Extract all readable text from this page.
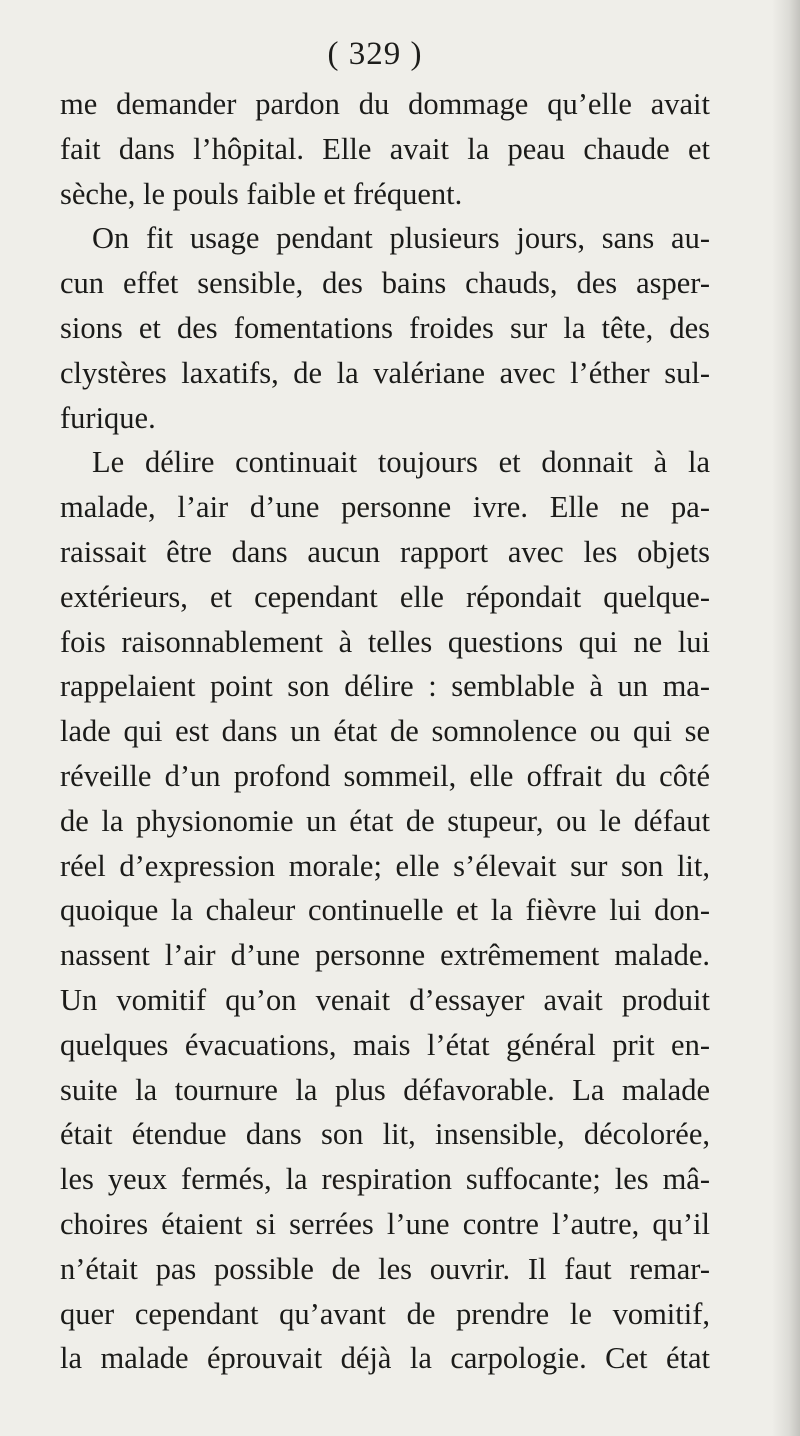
( 329 )
me demander pardon du dommage qu’elle avait
fait dans l’hôpital. Elle avait la peau chaude et
sèche, le pouls faible et fréquent.
On fit usage pendant plusieurs jours, sans au-
cun effet sensible, des bains chauds, des asper-
sions et des fomentations froides sur la tête, des
clystères laxatifs, de la valériane avec l’éther sul-
furique.
Le délire continuait toujours et donnait à la
malade, l’air d’une personne ivre. Elle ne pa-
raissait être dans aucun rapport avec les objets
extérieurs, et cependant elle répondait quelque-
fois raisonnablement à telles questions qui ne lui
rappelaient point son délire : semblable à un ma-
lade qui est dans un état de somnolence ou qui se
réveille d’un profond sommeil, elle offrait du côté
de la physionomie un état de stupeur, ou le défaut
réel d’expression morale; elle s’élevait sur son lit,
quoique la chaleur continuelle et la fièvre lui don-
nassent l’air d’une personne extrêmement malade.
Un vomitif qu’on venait d’essayer avait produit
quelques évacuations, mais l’état général prit en-
suite la tournure la plus défavorable. La malade
était étendue dans son lit, insensible, décolorée,
les yeux fermés, la respiration suffocante; les mâ-
choires étaient si serrées l’une contre l’autre, qu’il
n’était pas possible de les ouvrir. Il faut remar-
quer cependant qu’avant de prendre le vomitif,
la malade éprouvait déjà la carpologie. Cet état
